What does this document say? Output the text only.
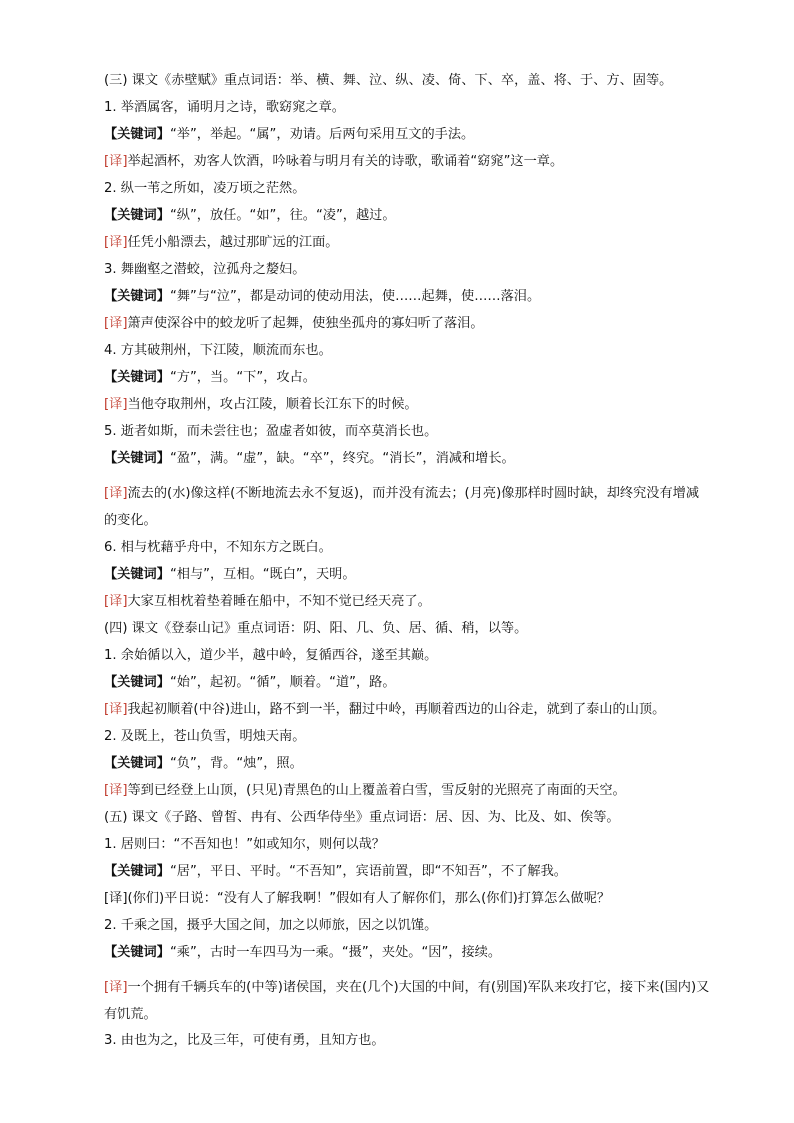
(三) 课文《赤壁赋》重点词语：举、横、舞、泣、纵、凌、倚、下、卒，盖、将、于、方、固等。
1. 举酒属客，诵明月之诗，歌窈窕之章。
【关键词】“举”，举起。“属”，劝请。后两句采用互文的手法。
[译]举起酒杯，劝客人饮酒，吟咏着与明月有关的诗歌，歌诵着“窈窕”这一章。
2. 纵一苇之所如，凌万顷之茫然。
【关键词】“纵”，放任。“如”，往。“凌”，越过。
[译]任凭小船漂去，越过那旷远的江面。
3. 舞幽壑之潜蛟，泣孤舟之嫠妇。
【关键词】“舞”与“泣”，都是动词的使动用法，使……起舞，使……落泪。
[译]箫声使深谷中的蛟龙听了起舞，使独坐孤舟的寡妇听了落泪。
4. 方其破荆州，下江陵，顺流而东也。
【关键词】“方”，当。“下”，攻占。
[译]当他夺取荆州，攻占江陵，顺着长江东下的时候。
5. 逝者如斯，而未尝往也；盈虚者如彼，而卒莫消长也。
【关键词】“盈”，满。“虚”，缺。“卒”，终究。“消长”，消减和增长。
[译]流去的(水)像这样(不断地流去永不复返)，而并没有流去；(月亮)像那样时圆时缺，却终究没有增减的变化。
6. 相与枕藉乎舟中，不知东方之既白。
【关键词】“相与”，互相。“既白”，天明。
[译]大家互相枕着垫着睡在船中，不知不觉已经天亮了。
(四) 课文《登泰山记》重点词语：阴、阳、几、负、居、循、稍，以等。
1. 余始循以入，道少半，越中岭，复循西谷，遂至其巅。
【关键词】“始”，起初。“循”，顺着。“道”，路。
[译]我起初顺着(中谷)进山，路不到一半，翻过中岭，再顺着西边的山谷走，就到了泰山的山顶。
2. 及既上，苍山负雪，明烛天南。
【关键词】“负”，背。“烛”，照。
[译]等到已经登上山顶，(只见)青黑色的山上覆盖着白雪，雪反射的光照亮了南面的天空。
(五) 课文《子路、曾皙、冉有、公西华侍坐》重点词语：居、因、为、比及、如、俟等。
1. 居则曰：“不吾知也！”如或知尔，则何以哉？
【关键词】“居”，平日、平时。“不吾知”，宾语前置，即“不知吾”，不了解我。
[译](你们)平日说：“没有人了解我啊！”假如有人了解你们，那么(你们)打算怎么做呢？
2. 千乘之国，摄乎大国之间，加之以师旅，因之以饥馑。
【关键词】“乘”，古时一车四马为一乘。“摄”，夹处。“因”，接续。
[译]一个拥有千辆兵车的(中等)诸侯国，夹在(几个)大国的中间，有(别国)军队来攻打它，接下来(国内)又有饥荒。
3. 由也为之，比及三年，可使有勇，且知方也。
